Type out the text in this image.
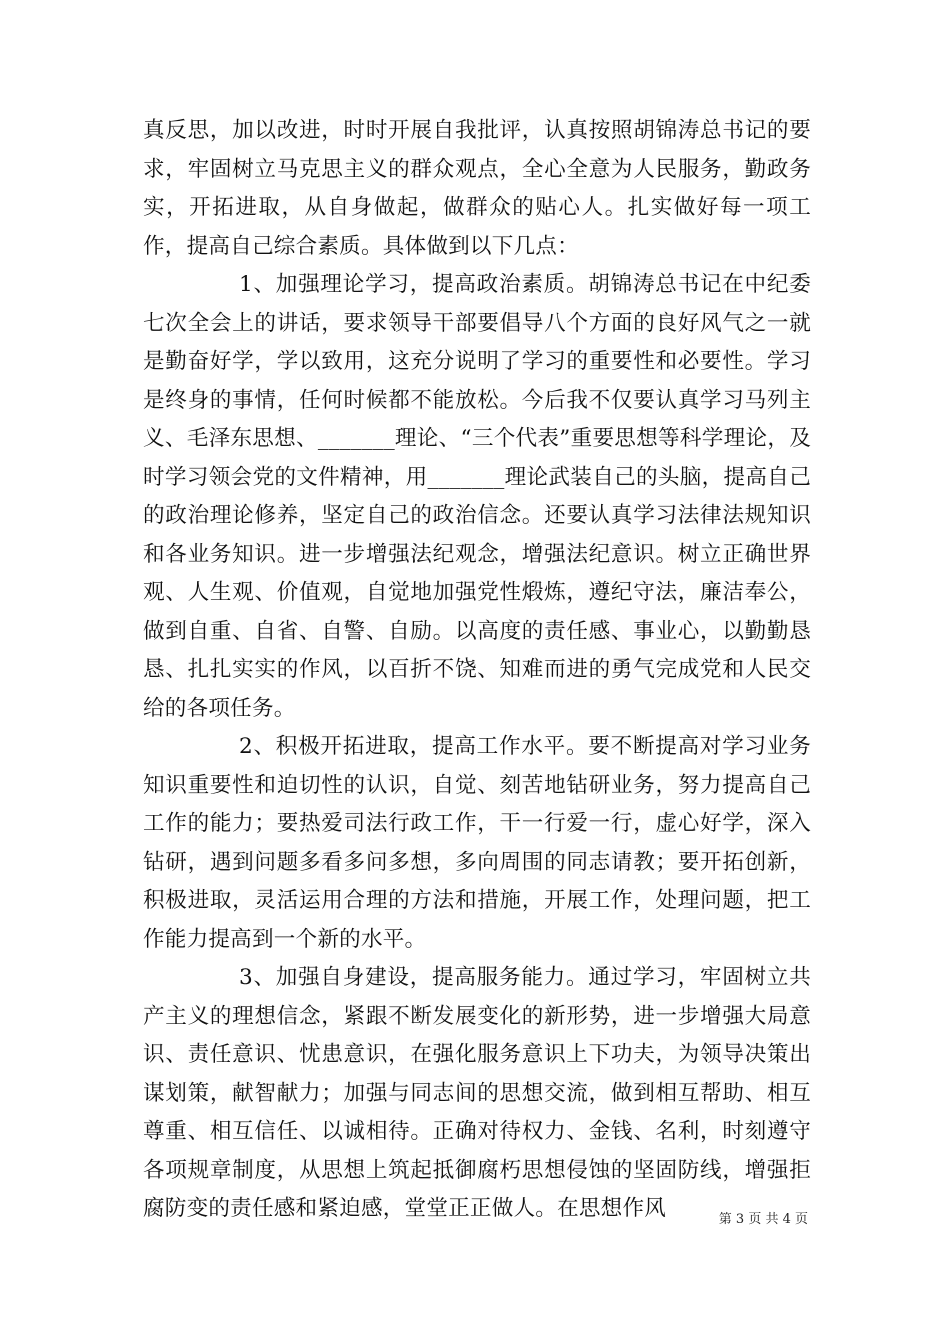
真反思，加以改进，时时开展自我批评，认真按照胡锦涛总书记的要求，牢固树立马克思主义的群众观点，全心全意为人民服务，勤政务实，开拓进取，从自身做起，做群众的贴心人。扎实做好每一项工作，提高自己综合素质。具体做到以下几点：

1、加强理论学习，提高政治素质。胡锦涛总书记在中纪委七次全会上的讲话，要求领导干部要倡导八个方面的良好风气之一就是勤奋好学，学以致用，这充分说明了学习的重要性和必要性。学习是终身的事情，任何时候都不能放松。今后我不仅要认真学习马列主义、毛泽东思想、_______理论、“三个代表”重要思想等科学理论，及时学习领会党的文件精神，用_______理论武装自己的头脑，提高自己的政治理论修养，坚定自己的政治信念。还要认真学习法律法规知识和各业务知识。进一步增强法纪观念，增强法纪意识。树立正确世界观、人生观、价值观，自觉地加强党性煅炼，遵纪守法，廉洁奉公，做到自重、自省、自警、自励。以高度的责任感、事业心，以勤勤恳恳、扎扎实实的作风，以百折不饶、知难而进的勇气完成党和人民交给的各项任务。

2、积极开拓进取，提高工作水平。要不断提高对学习业务知识重要性和迫切性的认识，自觉、刻苦地钻研业务，努力提高自己工作的能力；要热爱司法行政工作，干一行爱一行，虚心好学，深入钻研，遇到问题多看多问多想，多向周围的同志请教；要开拓创新，积极进取，灵活运用合理的方法和措施，开展工作，处理问题，把工作能力提高到一个新的水平。

3、加强自身建设，提高服务能力。通过学习，牢固树立共产主义的理想信念，紧跟不断发展变化的新形势，进一步增强大局意识、责任意识、忧患意识，在强化服务意识上下功夫，为领导决策出谋划策，献智献力；加强与同志间的思想交流，做到相互帮助、相互尊重、相互信任、以诚相待。正确对待权力、金钱、名利，时刻遵守各项规章制度，从思想上筑起抵御腐朽思想侵蚀的坚固防线，增强拒腐防变的责任感和紧迫感，堂堂正正做人。在思想作风	第 3 页 共 4 页
